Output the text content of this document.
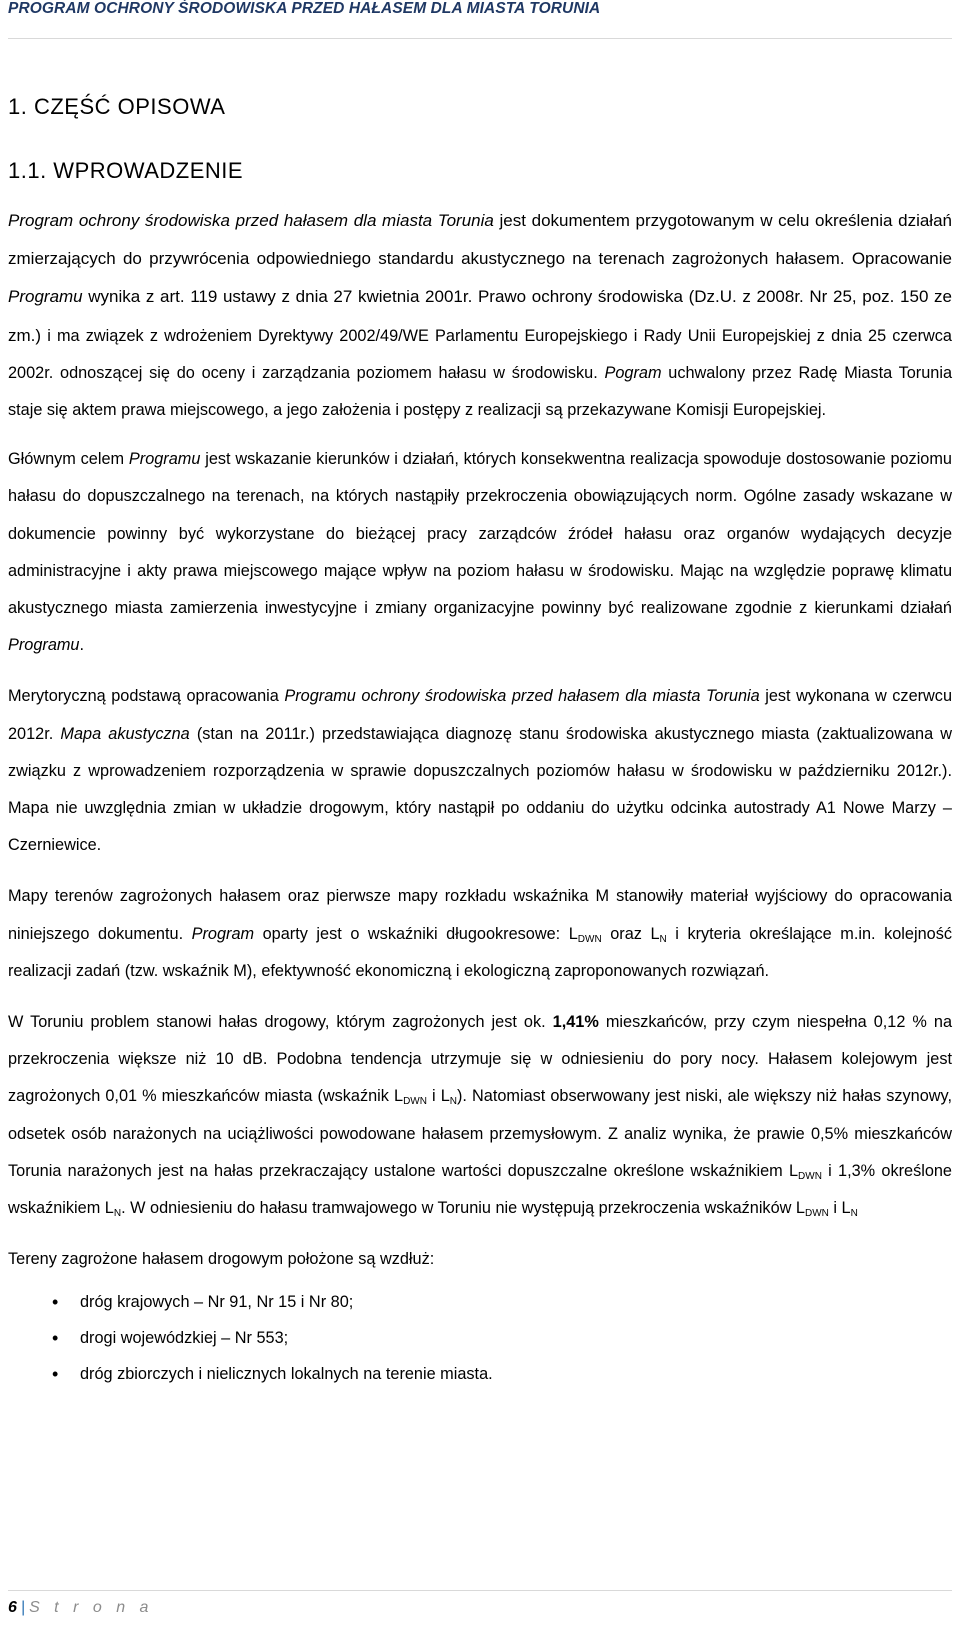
PROGRAM OCHRONY ŚRODOWISKA PRZED HAŁASEM DLA MIASTA TORUNIA
1. CZĘŚĆ OPISOWA
1.1. WPROWADZENIE

Program ochrony środowiska przed hałasem dla miasta Torunia jest dokumentem przygotowanym w celu określenia działań zmierzających do przywrócenia odpowiedniego standardu akustycznego na terenach zagrożonych hałasem. Opracowanie Programu wynika z art. 119 ustawy z dnia 27 kwietnia 2001r. Prawo ochrony środowiska (Dz.U. z 2008r. Nr 25, poz. 150 ze zm.) i ma związek z wdrożeniem Dyrektywy 2002/49/WE Parlamentu Europejskiego i Rady Unii Europejskiej z dnia 25 czerwca 2002r. odnoszącej się do oceny i zarządzania poziomem hałasu w środowisku. Pogram uchwalony przez Radę Miasta Torunia staje się aktem prawa miejscowego, a jego założenia i postępy z realizacji są przekazywane Komisji Europejskiej.

Głównym celem Programu jest wskazanie kierunków i działań, których konsekwentna realizacja spowoduje dostosowanie poziomu hałasu do dopuszczalnego na terenach, na których nastąpiły przekroczenia obowiązujących norm. Ogólne zasady wskazane w dokumencie powinny być wykorzystane do bieżącej pracy zarządców źródeł hałasu oraz organów wydających decyzje administracyjne i akty prawa miejscowego mające wpływ na poziom hałasu w środowisku. Mając na względzie poprawę klimatu akustycznego miasta zamierzenia inwestycyjne i zmiany organizacyjne powinny być realizowane zgodnie z kierunkami działań Programu.

Merytoryczną podstawą opracowania Programu ochrony środowiska przed hałasem dla miasta Torunia jest wykonana w czerwcu 2012r. Mapa akustyczna (stan na 2011r.) przedstawiająca diagnozę stanu środowiska akustycznego miasta (zaktualizowana w związku z wprowadzeniem rozporządzenia w sprawie dopuszczalnych poziomów hałasu w środowisku w październiku 2012r.). Mapa nie uwzględnia zmian w układzie drogowym, który nastąpił po oddaniu do użytku odcinka autostrady A1 Nowe Marzy – Czerniewice.

Mapy terenów zagrożonych hałasem oraz pierwsze mapy rozkładu wskaźnika M stanowiły materiał wyjściowy do opracowania niniejszego dokumentu. Program oparty jest o wskaźniki długookresowe: $L_{DWN}$ oraz $L_N$ i kryteria określające m.in. kolejność realizacji zadań (tzw. wskaźnik M), efektywność ekonomiczną i ekologiczną zaproponowanych rozwiązań.

W Toruniu problem stanowi hałas drogowy, którym zagrożonych jest ok. 1,41% mieszkańców, przy czym niespełna 0,12 % na przekroczenia większe niż 10 dB. Podobna tendencja utrzymuje się w odniesieniu do pory nocy. Hałasem kolejowym jest zagrożonych 0,01 % mieszkańców miasta (wskaźnik $L_{DWN}$ i $L_N$). Natomiast obserwowany jest niski, ale większy niż hałas szynowy, odsetek osób narażonych na uciążliwości powodowane hałasem przemysłowym. Z analiz wynika, że prawie 0,5% mieszkańców Torunia narażonych jest na hałas przekraczający ustalone wartości dopuszczalne określone wskaźnikiem $L_{DWN}$ i 1,3% określone wskaźnikiem $L_N$. W odniesieniu do hałasu tramwajowego w Toruniu nie występują przekroczenia wskaźników $L_{DWN}$ i $L_N$

Tereny zagrożone hałasem drogowym położone są wzdłuż:

• dróg krajowych – Nr 91, Nr 15 i Nr 80;
• drogi wojewódzkiej – Nr 553;
• dróg zbiorczych i nielicznych lokalnych na terenie miasta.
6 | S t r o n a
